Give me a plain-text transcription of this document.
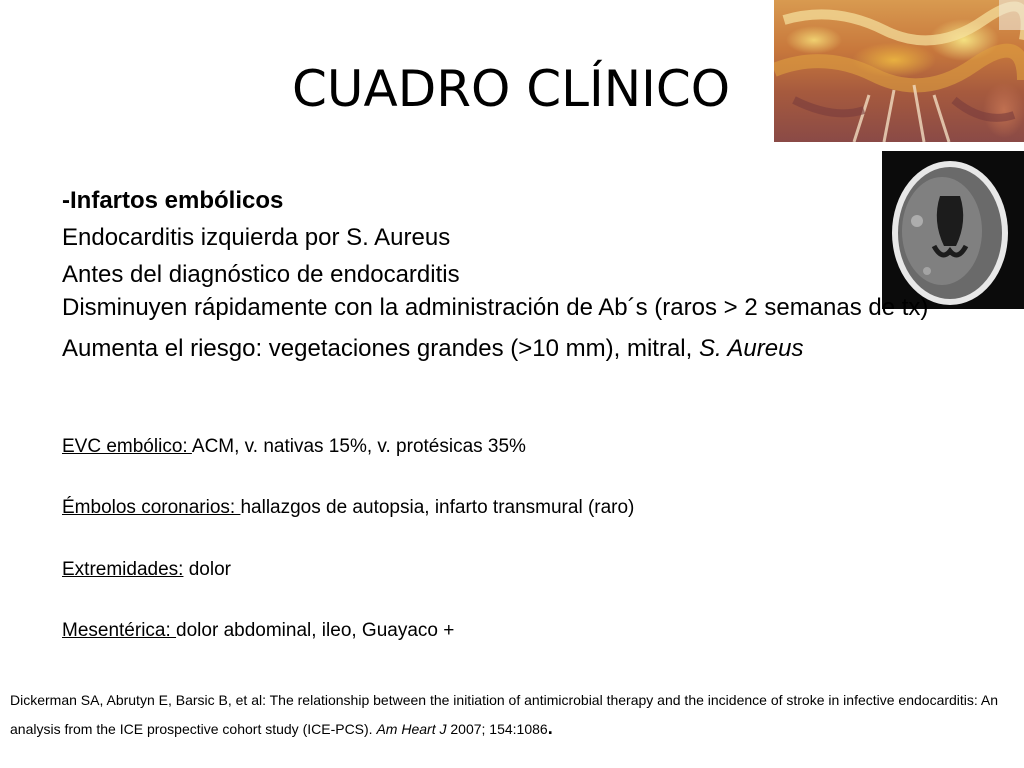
CUADRO CLÍNICO

-Infartos embólicos

Endocarditis izquierda por S. Aureus

Antes del diagnóstico de endocarditis

Disminuyen rápidamente con la administración de Ab´s (raros > 2 semanas de tx)

Aumenta el riesgo: vegetaciones grandes (>10 mm), mitral, S. Aureus

EVC embólico: ACM, v. nativas 15%, v. protésicas 35%

Émbolos coronarios: hallazgos de autopsia, infarto transmural (raro)

Extremidades: dolor

Mesentérica: dolor abdominal, ileo, Guayaco +

Dickerman SA, Abrutyn E, Barsic B, et al: The relationship between the initiation of antimicrobial therapy and the incidence of stroke in infective endocarditis: An analysis from the ICE prospective cohort study (ICE-PCS). Am Heart J 2007; 154:1086.
